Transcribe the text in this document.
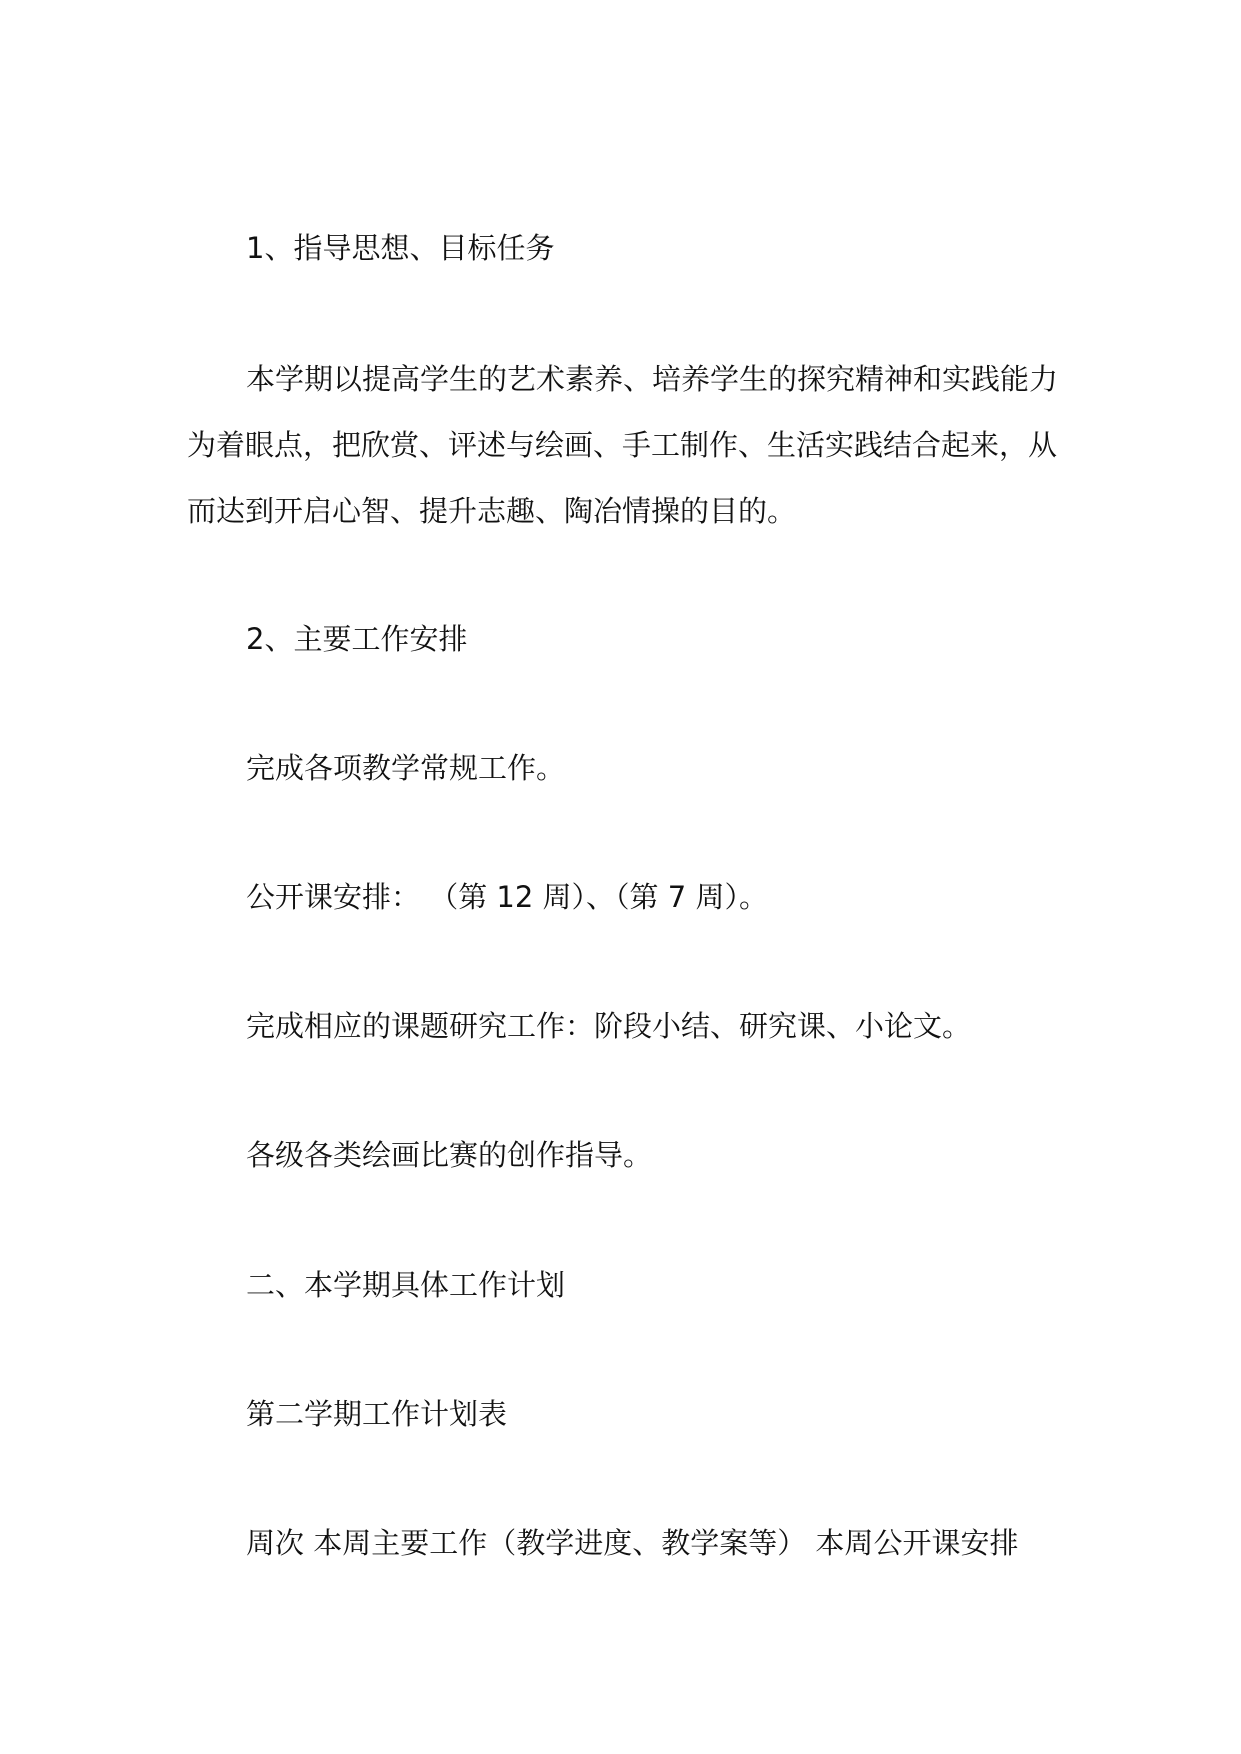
1、指导思想、目标任务

本学期以提高学生的艺术素养、培养学生的探究精神和实践能力

为着眼点，把欣赏、评述与绘画、手工制作、生活实践结合起来，从

而达到开启心智、提升志趣、陶冶情操的目的。

2、主要工作安排

完成各项教学常规工作。

公开课安排： （第 12 周）、（第 7 周）。

完成相应的课题研究工作：阶段小结、研究课、小论文。

各级各类绘画比赛的创作指导。

二、本学期具体工作计划

第二学期工作计划表

周次 本周主要工作（教学进度、教学案等） 本周公开课安排
